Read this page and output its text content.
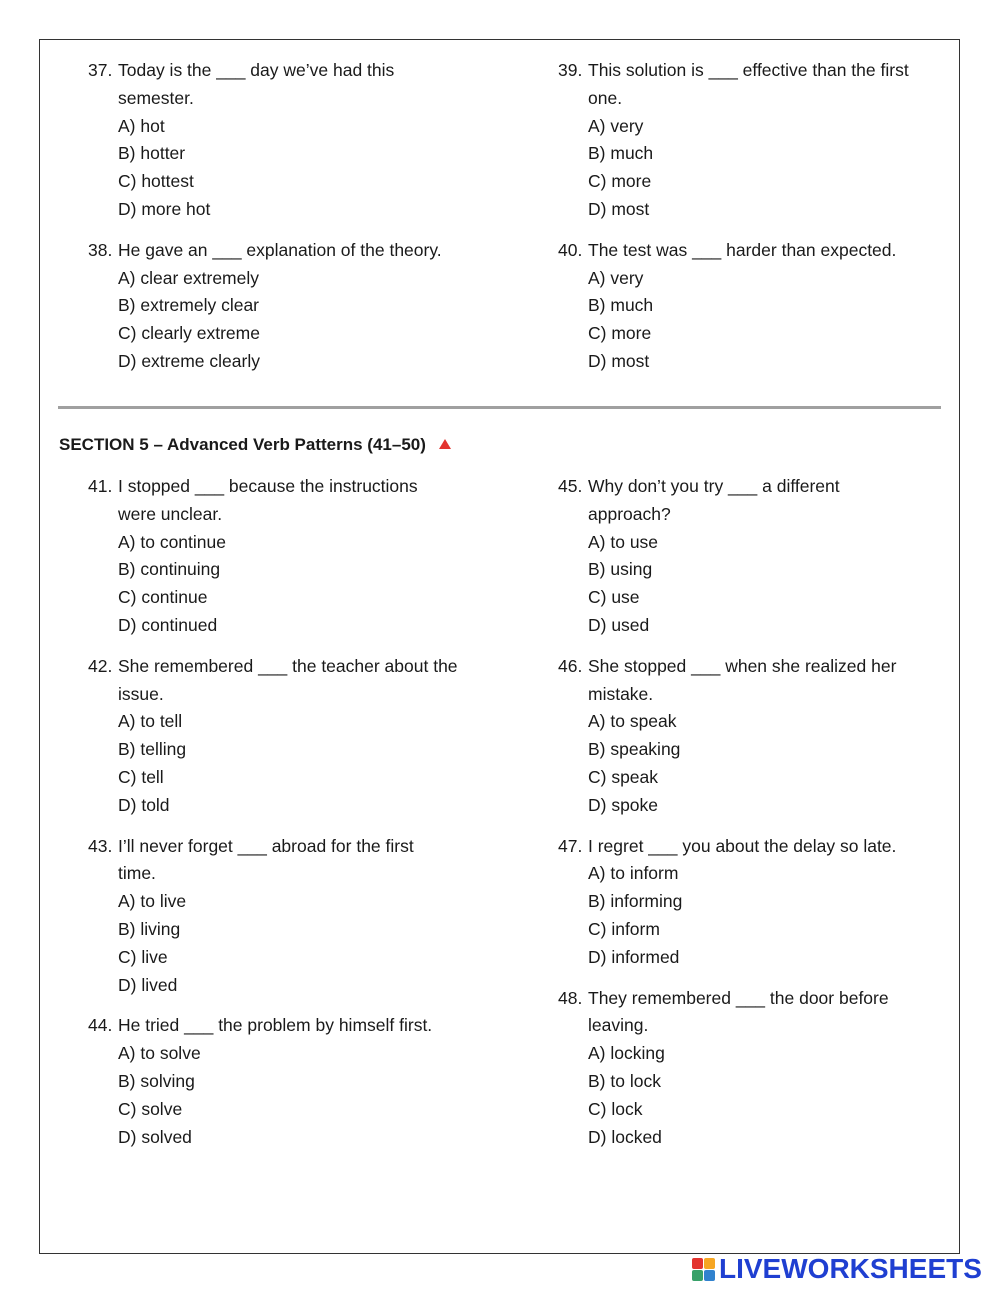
37. Today is the ___ day we’ve had this semester.
A) hot
B) hotter
C) hottest
D) more hot
38. He gave an ___ explanation of the theory.
A) clear extremely
B) extremely clear
C) clearly extreme
D) extreme clearly
39. This solution is ___ effective than the first one.
A) very
B) much
C) more
D) most
40. The test was ___ harder than expected.
A) very
B) much
C) more
D) most
SECTION 5 – Advanced Verb Patterns (41–50)
41. I stopped ___ because the instructions were unclear.
A) to continue
B) continuing
C) continue
D) continued
42. She remembered ___ the teacher about the issue.
A) to tell
B) telling
C) tell
D) told
43. I’ll never forget ___ abroad for the first time.
A) to live
B) living
C) live
D) lived
44. He tried ___ the problem by himself first.
A) to solve
B) solving
C) solve
D) solved
45. Why don’t you try ___ a different approach?
A) to use
B) using
C) use
D) used
46. She stopped ___ when she realized her mistake.
A) to speak
B) speaking
C) speak
D) spoke
47. I regret ___ you about the delay so late.
A) to inform
B) informing
C) inform
D) informed
48. They remembered ___ the door before leaving.
A) locking
B) to lock
C) lock
D) locked
LIVEWORKSHEETS
